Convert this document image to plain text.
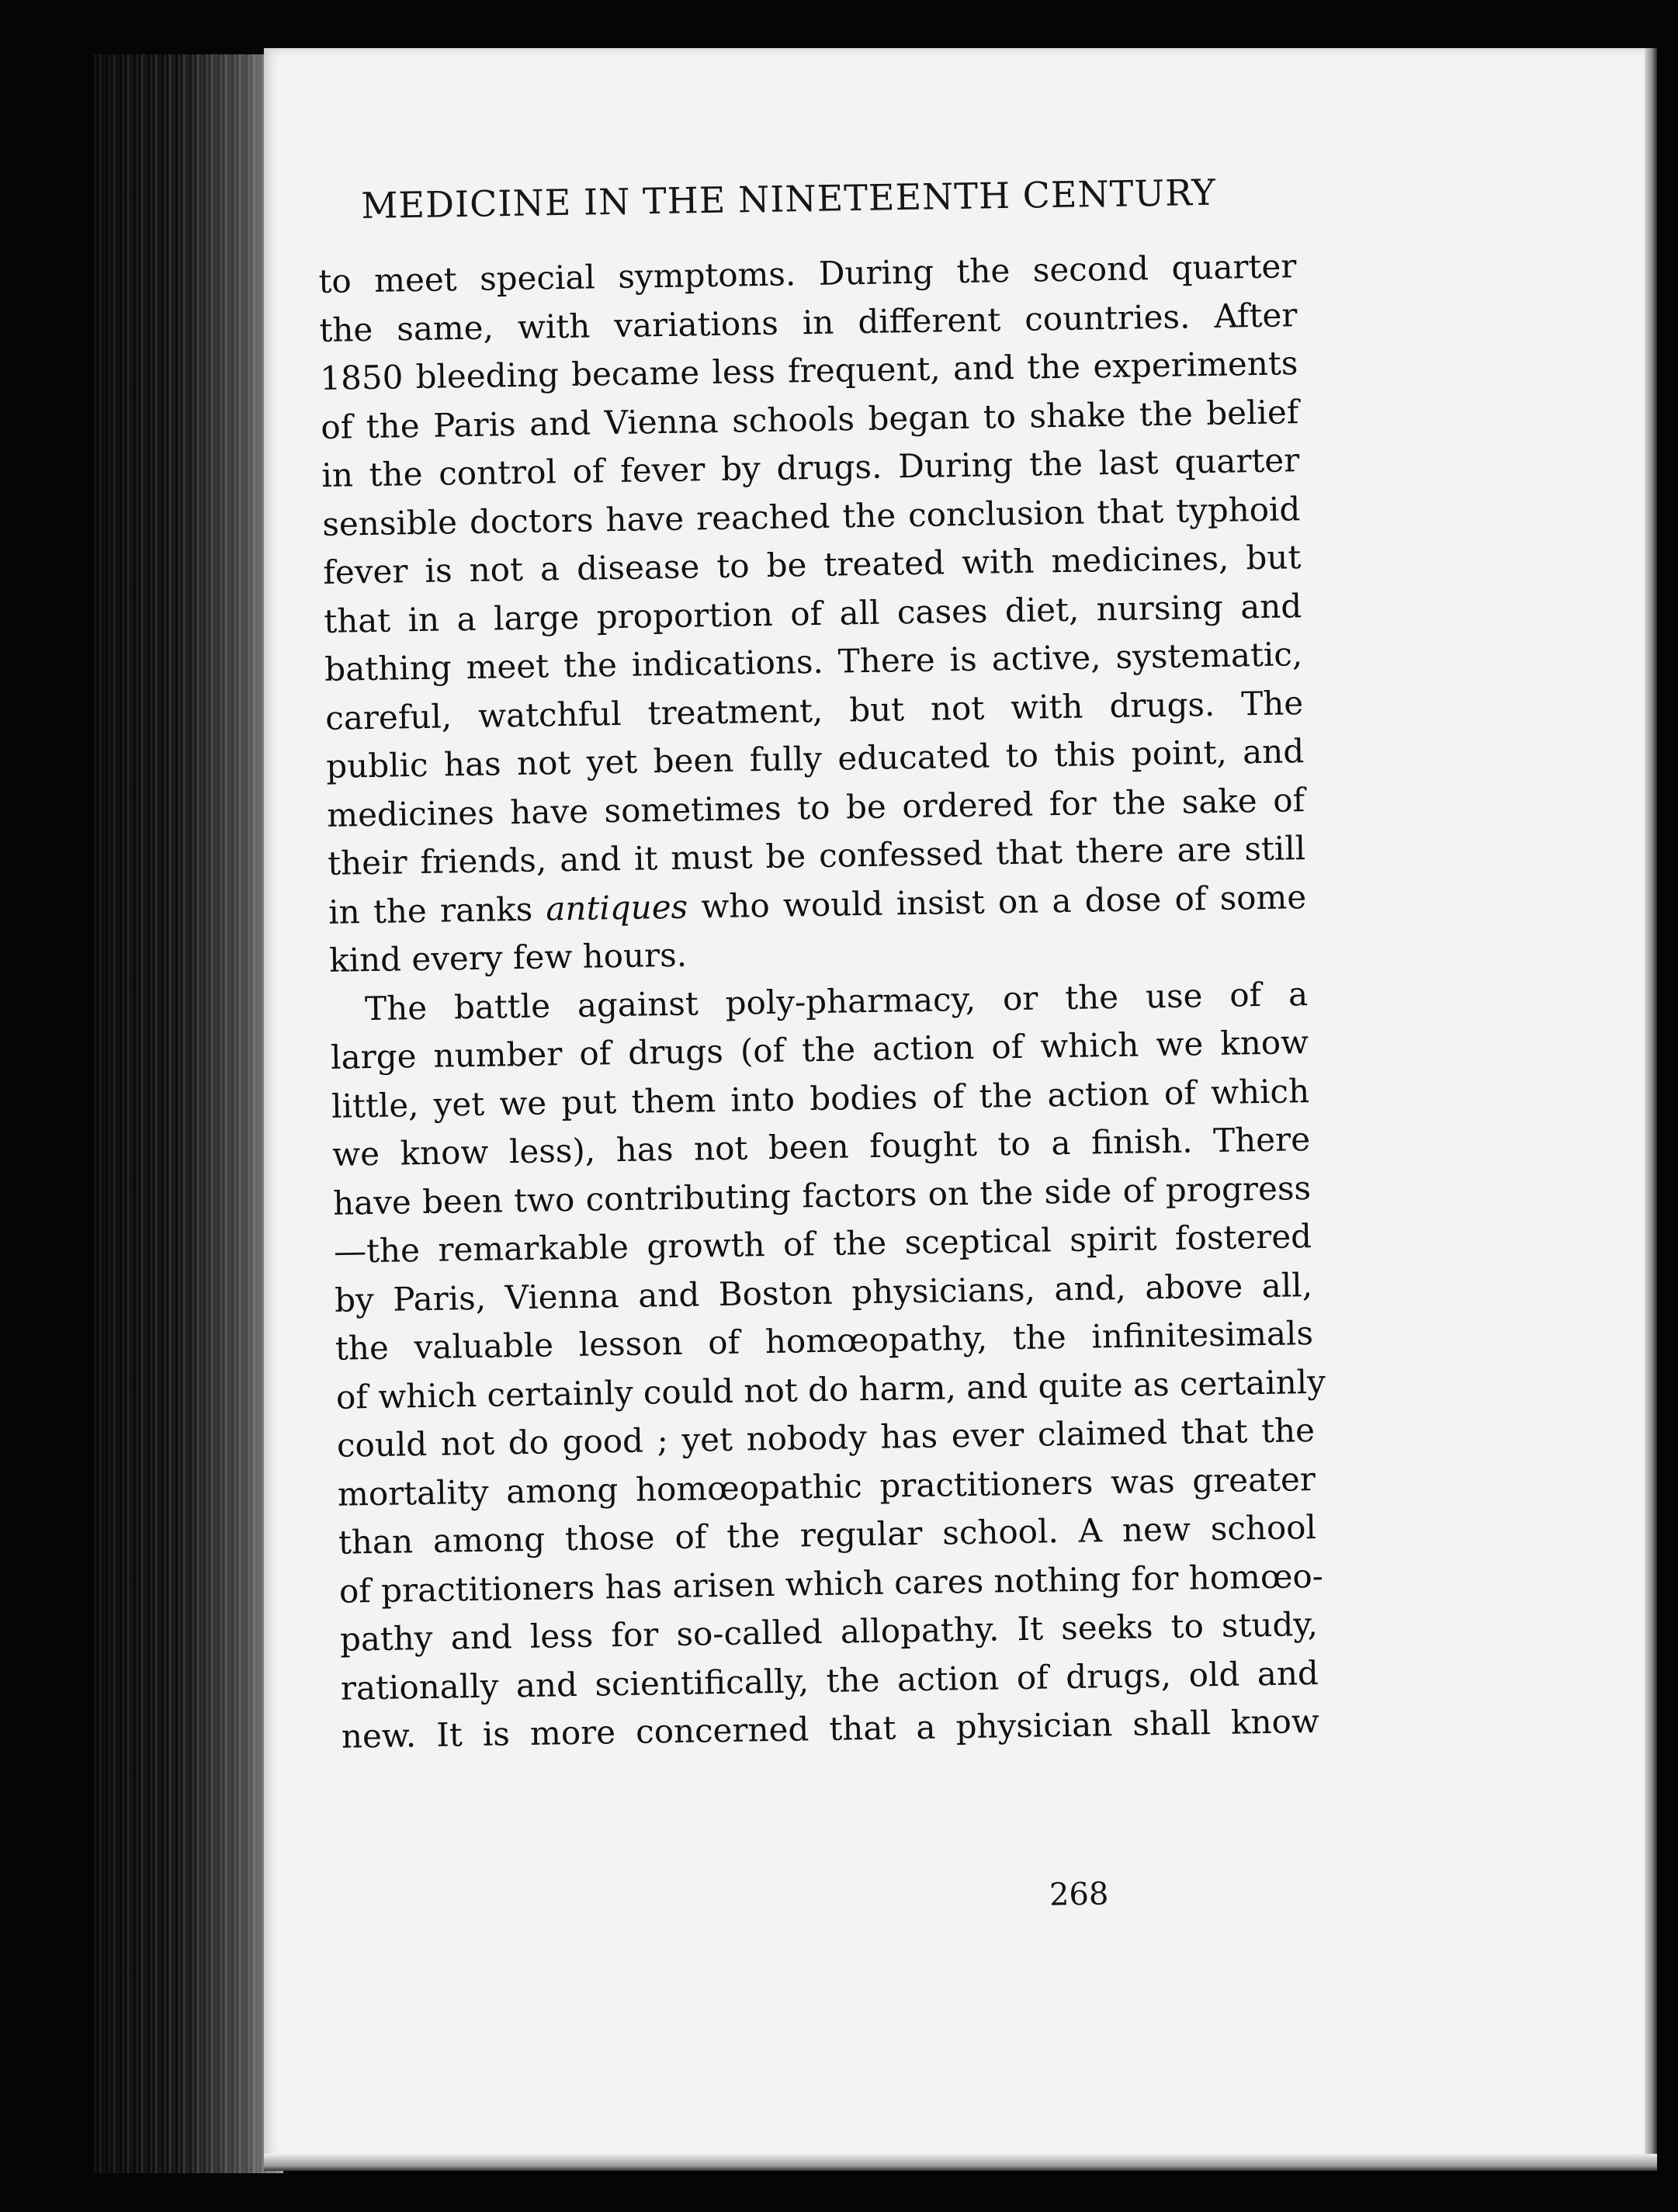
MEDICINE IN THE NINETEENTH CENTURY
to meet special symptoms. During the second quarter
the same, with variations in different countries. After
1850 bleeding became less frequent, and the experiments
of the Paris and Vienna schools began to shake the belief
in the control of fever by drugs. During the last quarter
sensible doctors have reached the conclusion that typhoid
fever is not a disease to be treated with medicines, but
that in a large proportion of all cases diet, nursing and
bathing meet the indications. There is active, systematic,
careful, watchful treatment, but not with drugs. The
public has not yet been fully educated to this point, and
medicines have sometimes to be ordered for the sake of
their friends, and it must be confessed that there are still
in the ranks antiques who would insist on a dose of some
kind every few hours.
The battle against poly-pharmacy, or the use of a
large number of drugs (of the action of which we know
little, yet we put them into bodies of the action of which
we know less), has not been fought to a finish. There
have been two contributing factors on the side of progress
—the remarkable growth of the sceptical spirit fostered
by Paris, Vienna and Boston physicians, and, above all,
the valuable lesson of homœopathy, the infinitesimals
of which certainly could not do harm, and quite as certainly
could not do good ; yet nobody has ever claimed that the
mortality among homœopathic practitioners was greater
than among those of the regular school. A new school
of practitioners has arisen which cares nothing for homœo-
pathy and less for so-called allopathy. It seeks to study,
rationally and scientifically, the action of drugs, old and
new. It is more concerned that a physician shall know
268
